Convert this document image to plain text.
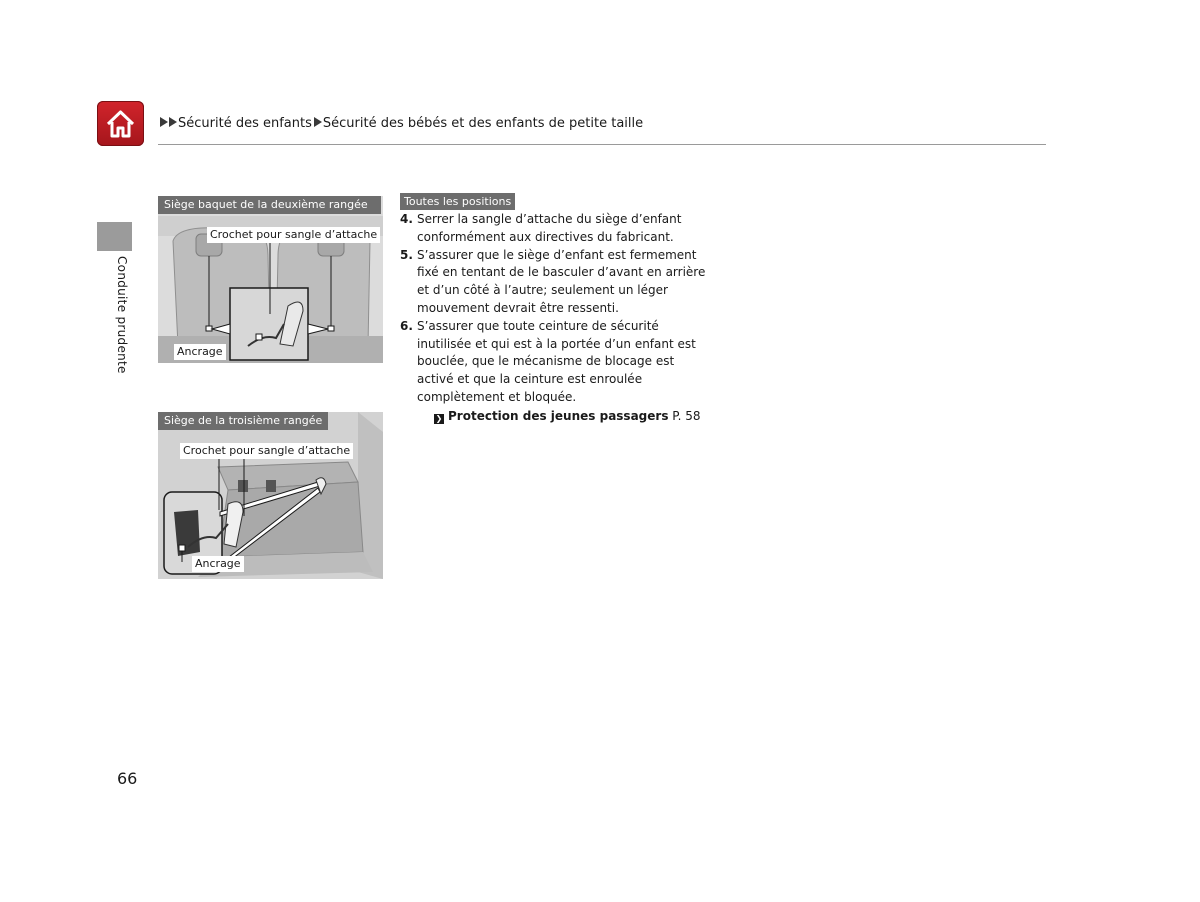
Sécurité des enfants Sécurité des bébés et des enfants de petite taille
Conduite prudente
Siège baquet de la deuxième rangée
Crochet pour sangle d’attache
Ancrage
Siège de la troisième rangée
Crochet pour sangle d’attache
Ancrage
Toutes les positions
4. Serrer la sangle d’attache du siège d’enfant conformément aux directives du fabricant.
5. S’assurer que le siège d’enfant est fermement fixé en tentant de le basculer d’avant en arrière et d’un côté à l’autre; seulement un léger mouvement devrait être ressenti.
6. S’assurer que toute ceinture de sécurité inutilisée et qui est à la portée d’un enfant est bouclée, que le mécanisme de blocage est activé et que la ceinture est enroulée complètement et bloquée.
❯ Protection des jeunes passagers P. 58
66
